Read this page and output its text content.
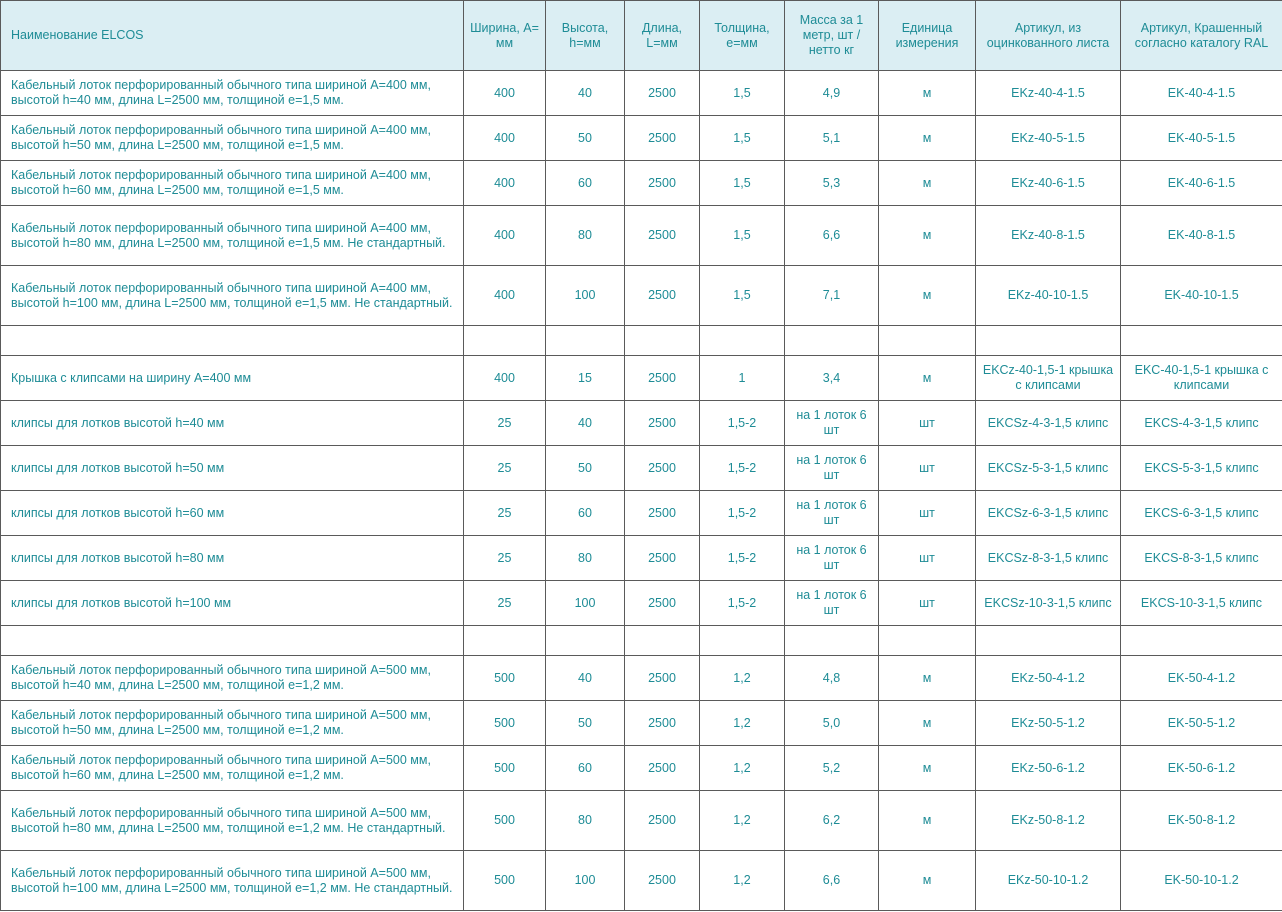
Наименование ELCOS	Ширина, A= мм	Высота, h=мм	Длина, L=мм	Толщина, е=мм	Масса за 1 метр, шт / нетто кг	Единица измерения	Артикул, из оцинкованного листа	Артикул, Крашенный согласно каталогу RAL
Кабельный лоток перфорированный обычного типа шириной A=400 мм, высотой h=40 мм, длина L=2500 мм, толщиной е=1,5 мм.	400	40	2500	1,5	4,9	м	EKz-40-4-1.5	EK-40-4-1.5
Кабельный лоток перфорированный обычного типа шириной A=400 мм, высотой h=50 мм, длина L=2500 мм, толщиной е=1,5 мм.	400	50	2500	1,5	5,1	м	EKz-40-5-1.5	EK-40-5-1.5
Кабельный лоток перфорированный обычного типа шириной A=400 мм, высотой h=60 мм, длина L=2500 мм, толщиной е=1,5 мм.	400	60	2500	1,5	5,3	м	EKz-40-6-1.5	EK-40-6-1.5
Кабельный лоток перфорированный обычного типа шириной A=400 мм, высотой h=80 мм, длина L=2500 мм, толщиной е=1,5 мм. Не стандартный.	400	80	2500	1,5	6,6	м	EKz-40-8-1.5	EK-40-8-1.5
Кабельный лоток перфорированный обычного типа шириной A=400 мм, высотой h=100 мм, длина L=2500 мм, толщиной е=1,5 мм. Не стандартный.	400	100	2500	1,5	7,1	м	EKz-40-10-1.5	EK-40-10-1.5

Крышка с клипсами на ширину A=400 мм	400	15	2500	1	3,4	м	EKCz-40-1,5-1 крышка с клипсами	EKC-40-1,5-1 крышка с клипсами
клипсы для лотков высотой h=40 мм	25	40	2500	1,5-2	на 1 лоток 6 шт	шт	EKCSz-4-3-1,5 клипс	EKCS-4-3-1,5 клипс
клипсы для лотков высотой h=50 мм	25	50	2500	1,5-2	на 1 лоток 6 шт	шт	EKCSz-5-3-1,5 клипс	EKCS-5-3-1,5 клипс
клипсы для лотков высотой h=60 мм	25	60	2500	1,5-2	на 1 лоток 6 шт	шт	EKCSz-6-3-1,5 клипс	EKCS-6-3-1,5 клипс
клипсы для лотков высотой h=80 мм	25	80	2500	1,5-2	на 1 лоток 6 шт	шт	EKCSz-8-3-1,5 клипс	EKCS-8-3-1,5 клипс
клипсы для лотков высотой h=100 мм	25	100	2500	1,5-2	на 1 лоток 6 шт	шт	EKCSz-10-3-1,5 клипс	EKCS-10-3-1,5 клипс

Кабельный лоток перфорированный обычного типа шириной A=500 мм, высотой h=40 мм, длина L=2500 мм, толщиной е=1,2 мм.	500	40	2500	1,2	4,8	м	EKz-50-4-1.2	EK-50-4-1.2
Кабельный лоток перфорированный обычного типа шириной A=500 мм, высотой h=50 мм, длина L=2500 мм, толщиной е=1,2 мм.	500	50	2500	1,2	5,0	м	EKz-50-5-1.2	EK-50-5-1.2
Кабельный лоток перфорированный обычного типа шириной A=500 мм, высотой h=60 мм, длина L=2500 мм, толщиной е=1,2 мм.	500	60	2500	1,2	5,2	м	EKz-50-6-1.2	EK-50-6-1.2
Кабельный лоток перфорированный обычного типа шириной A=500 мм, высотой h=80 мм, длина L=2500 мм, толщиной е=1,2 мм. Не стандартный.	500	80	2500	1,2	6,2	м	EKz-50-8-1.2	EK-50-8-1.2
Кабельный лоток перфорированный обычного типа шириной A=500 мм, высотой h=100 мм, длина L=2500 мм, толщиной е=1,2 мм. Не стандартный.	500	100	2500	1,2	6,6	м	EKz-50-10-1.2	EK-50-10-1.2
